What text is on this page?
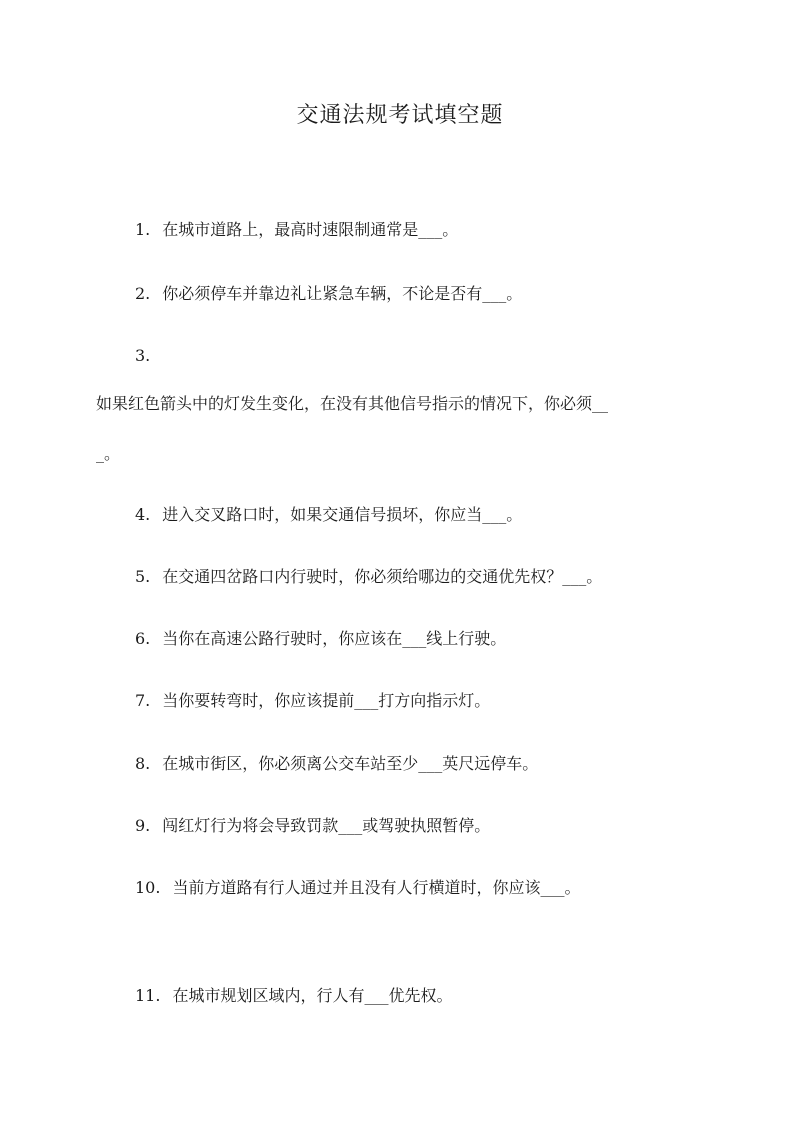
交通法规考试填空题

1. 在城市道路上，最高时速限制通常是___。

2. 你必须停车并靠边礼让紧急车辆，不论是否有___。

3.

如果红色箭头中的灯发生变化，在没有其他信号指示的情况下，你必须__
_。

4. 进入交叉路口时，如果交通信号损坏，你应当___。

5. 在交通四岔路口内行驶时，你必须给哪边的交通优先权？___。

6. 当你在高速公路行驶时，你应该在___线上行驶。

7. 当你要转弯时，你应该提前___打方向指示灯。

8. 在城市街区，你必须离公交车站至少___英尺远停车。

9. 闯红灯行为将会导致罚款___或驾驶执照暂停。

10. 当前方道路有行人通过并且没有人行横道时，你应该___。

11. 在城市规划区域内，行人有___优先权。
